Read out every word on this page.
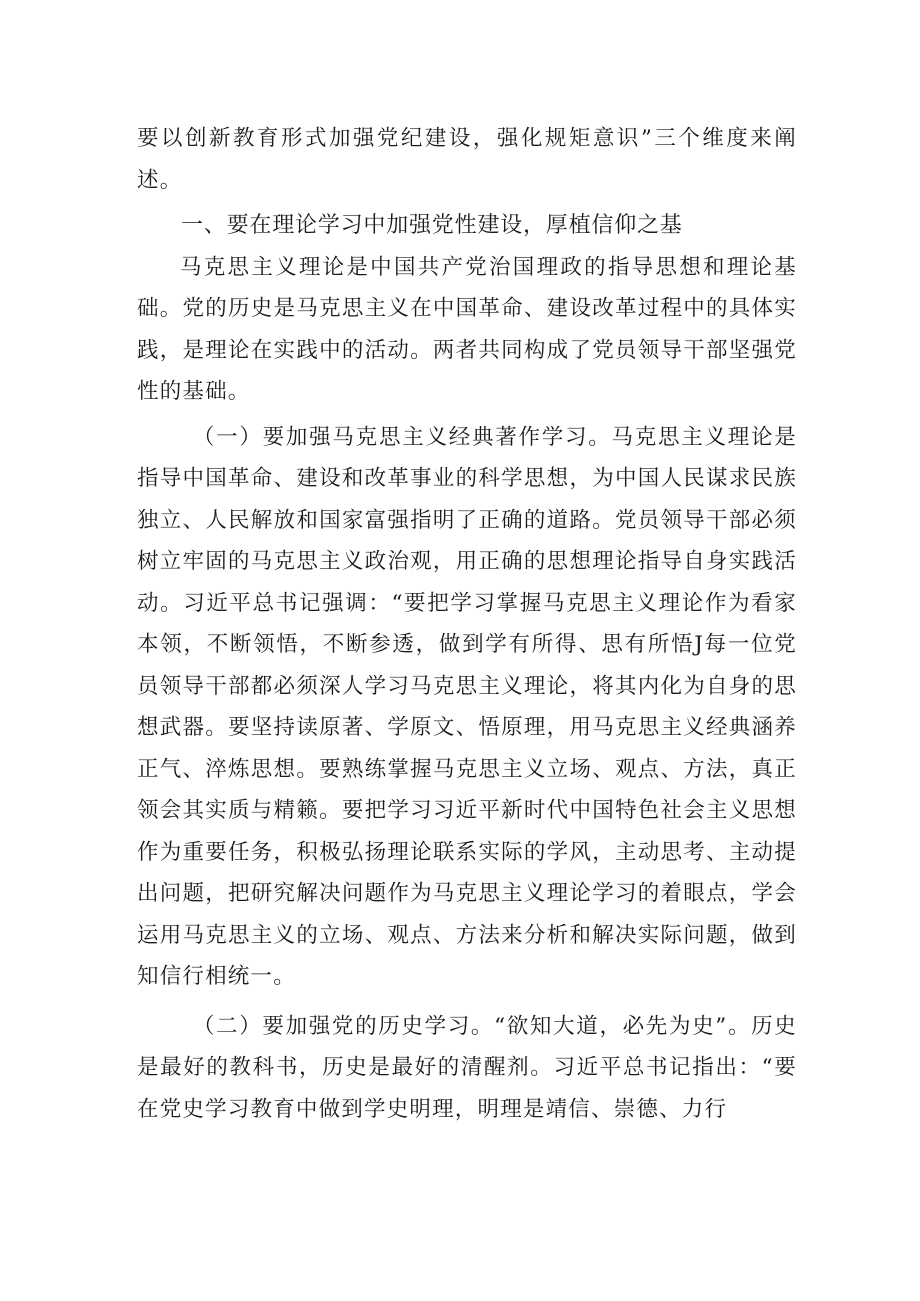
要以创新教育形式加强党纪建设，强化规矩意识”三个维度来阐述。

一、要在理论学习中加强党性建设，厚植信仰之基

马克思主义理论是中国共产党治国理政的指导思想和理论基础。党的历史是马克思主义在中国革命、建设改革过程中的具体实践，是理论在实践中的活动。两者共同构成了党员领导干部坚强党性的基础。

（一）要加强马克思主义经典著作学习。马克思主义理论是指导中国革命、建设和改革事业的科学思想，为中国人民谋求民族独立、人民解放和国家富强指明了正确的道路。党员领导干部必须树立牢固的马克思主义政治观，用正确的思想理论指导自身实践活动。习近平总书记强调：“要把学习掌握马克思主义理论作为看家本领，不断领悟，不断参透，做到学有所得、思有所悟J每一位党员领导干部都必须深人学习马克思主义理论，将其内化为自身的思想武器。要坚持读原著、学原文、悟原理，用马克思主义经典涵养正气、淬炼思想。要熟练掌握马克思主义立场、观点、方法，真正领会其实质与精籁。要把学习习近平新时代中国特色社会主义思想作为重要任务，积极弘扬理论联系实际的学风，主动思考、主动提出问题，把研究解决问题作为马克思主义理论学习的着眼点，学会运用马克思主义的立场、观点、方法来分析和解决实际问题，做到知信行相统一。

（二）要加强党的历史学习。“欲知大道，必先为史”。历史是最好的教科书，历史是最好的清醒剂。习近平总书记指出：“要在党史学习教育中做到学史明理，明理是靖信、崇德、力行
